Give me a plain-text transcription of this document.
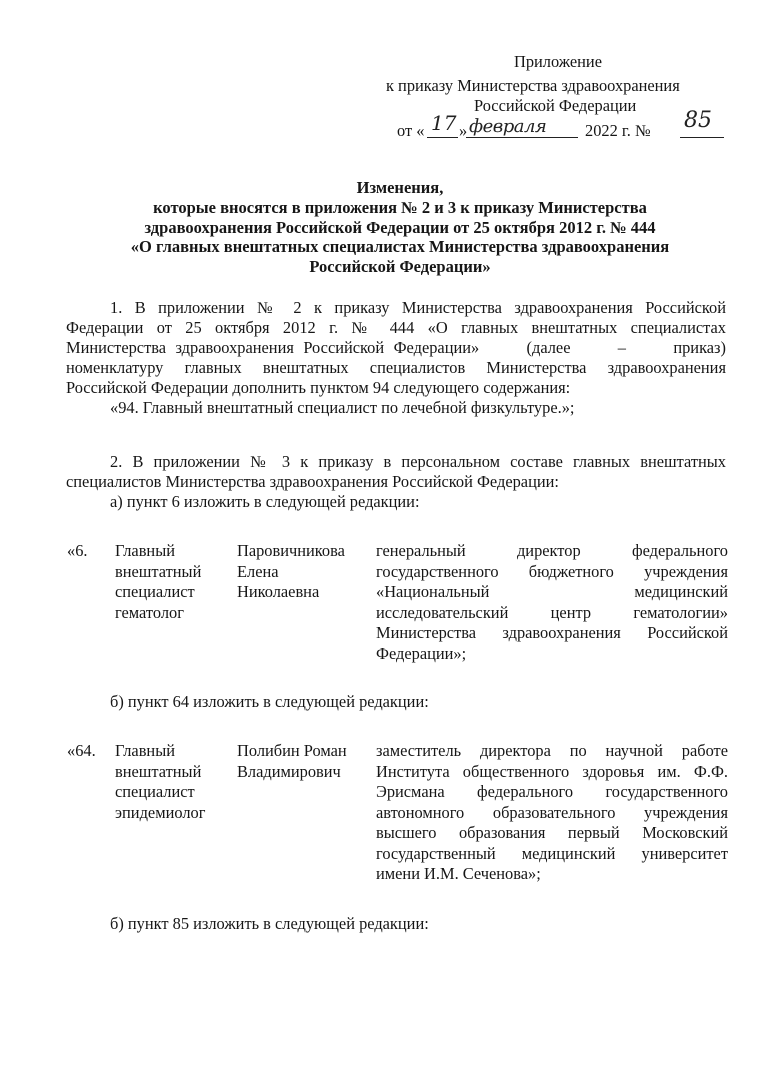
Приложение
к приказу Министерства здравоохранения
Российской Федерации
от « 17 » февраля 2022 г. № 85
Изменения,
которые вносятся в приложения № 2 и 3 к приказу Министерства
здравоохранения Российской Федерации от 25 октября 2012 г. № 444
«О главных внештатных специалистах Министерства здравоохранения
Российской Федерации»
1. В приложении № 2 к приказу Министерства здравоохранения Российской
Федерации от 25 октября 2012 г. № 444 «О главных внештатных специалистах
Министерства здравоохранения Российской Федерации»     (далее     –     приказ)
номенклатуру главных внештатных специалистов Министерства здравоохранения
Российской Федерации дополнить пунктом 94 следующего содержания:
«94. Главный внештатный специалист по лечебной физкультуре.»;
2. В приложении № 3 к приказу в персональном составе главных внештатных
специалистов Министерства здравоохранения Российской Федерации:
а) пункт 6 изложить в следующей редакции:
«6. Главный
внештатный
специалист
гематолог
Паровичникова
Елена
Николаевна
генеральный директор федерального
государственного бюджетного учреждения
«Национальный медицинский
исследовательский центр гематологии»
Министерства здравоохранения Российской
Федерации»;
б) пункт 64 изложить в следующей редакции:
«64. Главный
внештатный
специалист
эпидемиолог
Полибин Роман
Владимирович
заместитель директора по научной работе
Института общественного здоровья им. Ф.Ф.
Эрисмана федерального государственного
автономного образовательного учреждения
высшего образования первый Московский
государственный медицинский университет
имени И.М. Сеченова»;
б) пункт 85 изложить в следующей редакции:
